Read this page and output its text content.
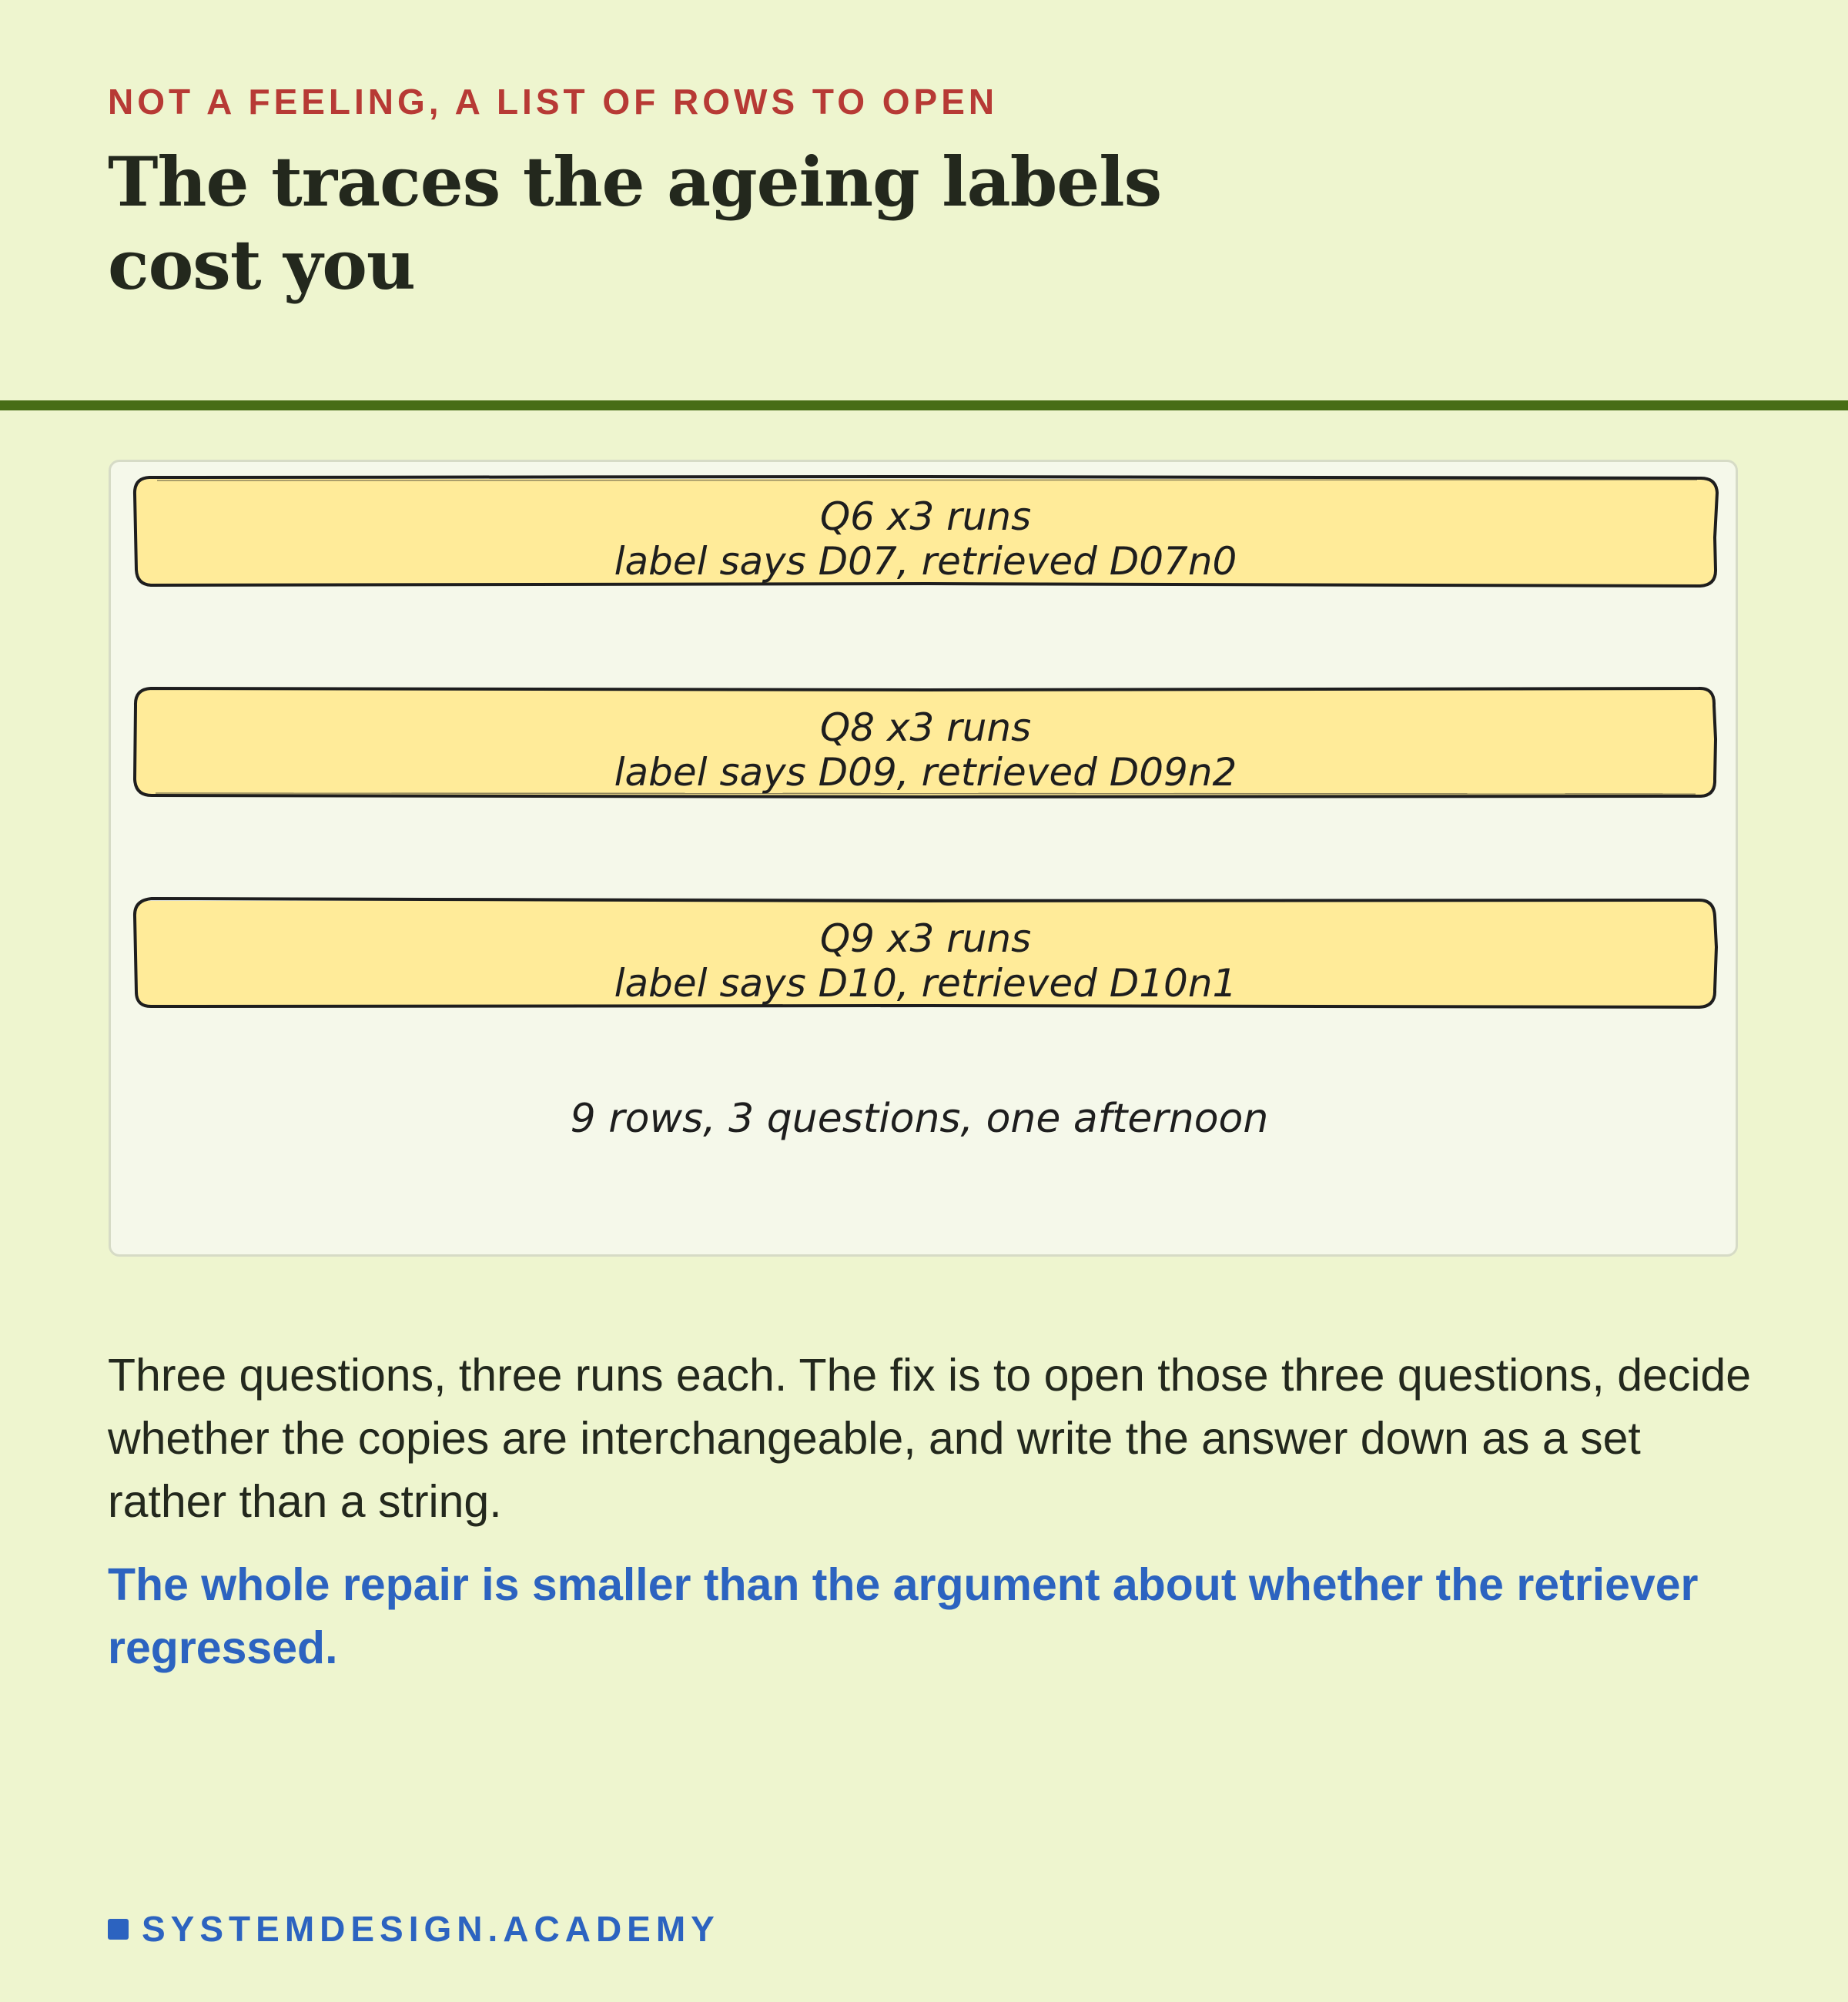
NOT A FEELING, A LIST OF ROWS TO OPEN
The traces the ageing labels cost you
Q6 x3 runs
label says D07, retrieved D07n0
Q8 x3 runs
label says D09, retrieved D09n2
Q9 x3 runs
label says D10, retrieved D10n1
9 rows, 3 questions, one afternoon

Three questions, three runs each. The fix is to open those three questions, decide whether the copies are interchangeable, and write the answer down as a set rather than a string.

The whole repair is smaller than the argument about whether the retriever regressed.

SYSTEMDESIGN.ACADEMY
